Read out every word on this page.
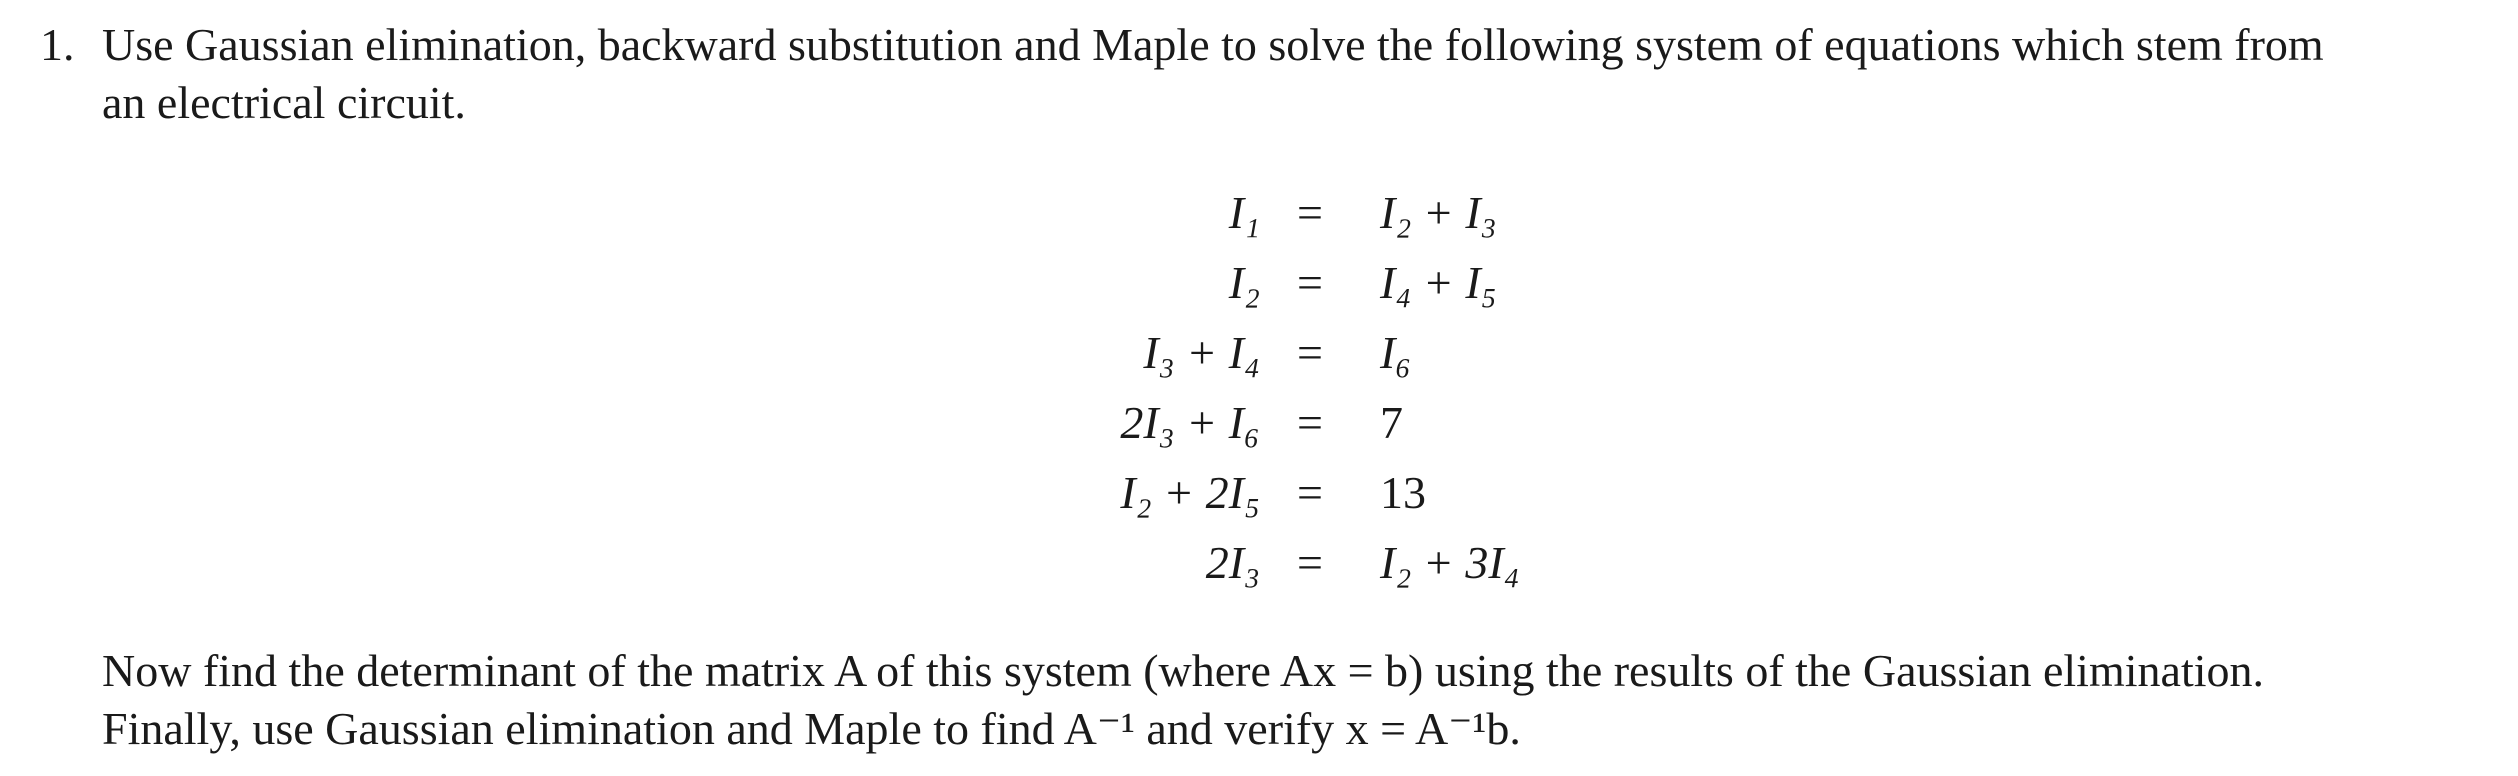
1. Use Gaussian elimination, backward substitution and Maple to solve the following system of equations which stem from
an electrical circuit.
I₁ =	I₂ + I₃
I₂ =	I₄ + I₅
I₃ + I₄ =	I₆
2I₃ + I₆ =	7
I₂ + 2I₅ =	13
2I₃ =	I₂ + 3I₄
Now find the determinant of the matrix A of this system (where Ax = b) using the results of the Gaussian elimination.
Finally, use Gaussian elimination and Maple to find A⁻¹ and verify x = A⁻¹b.
